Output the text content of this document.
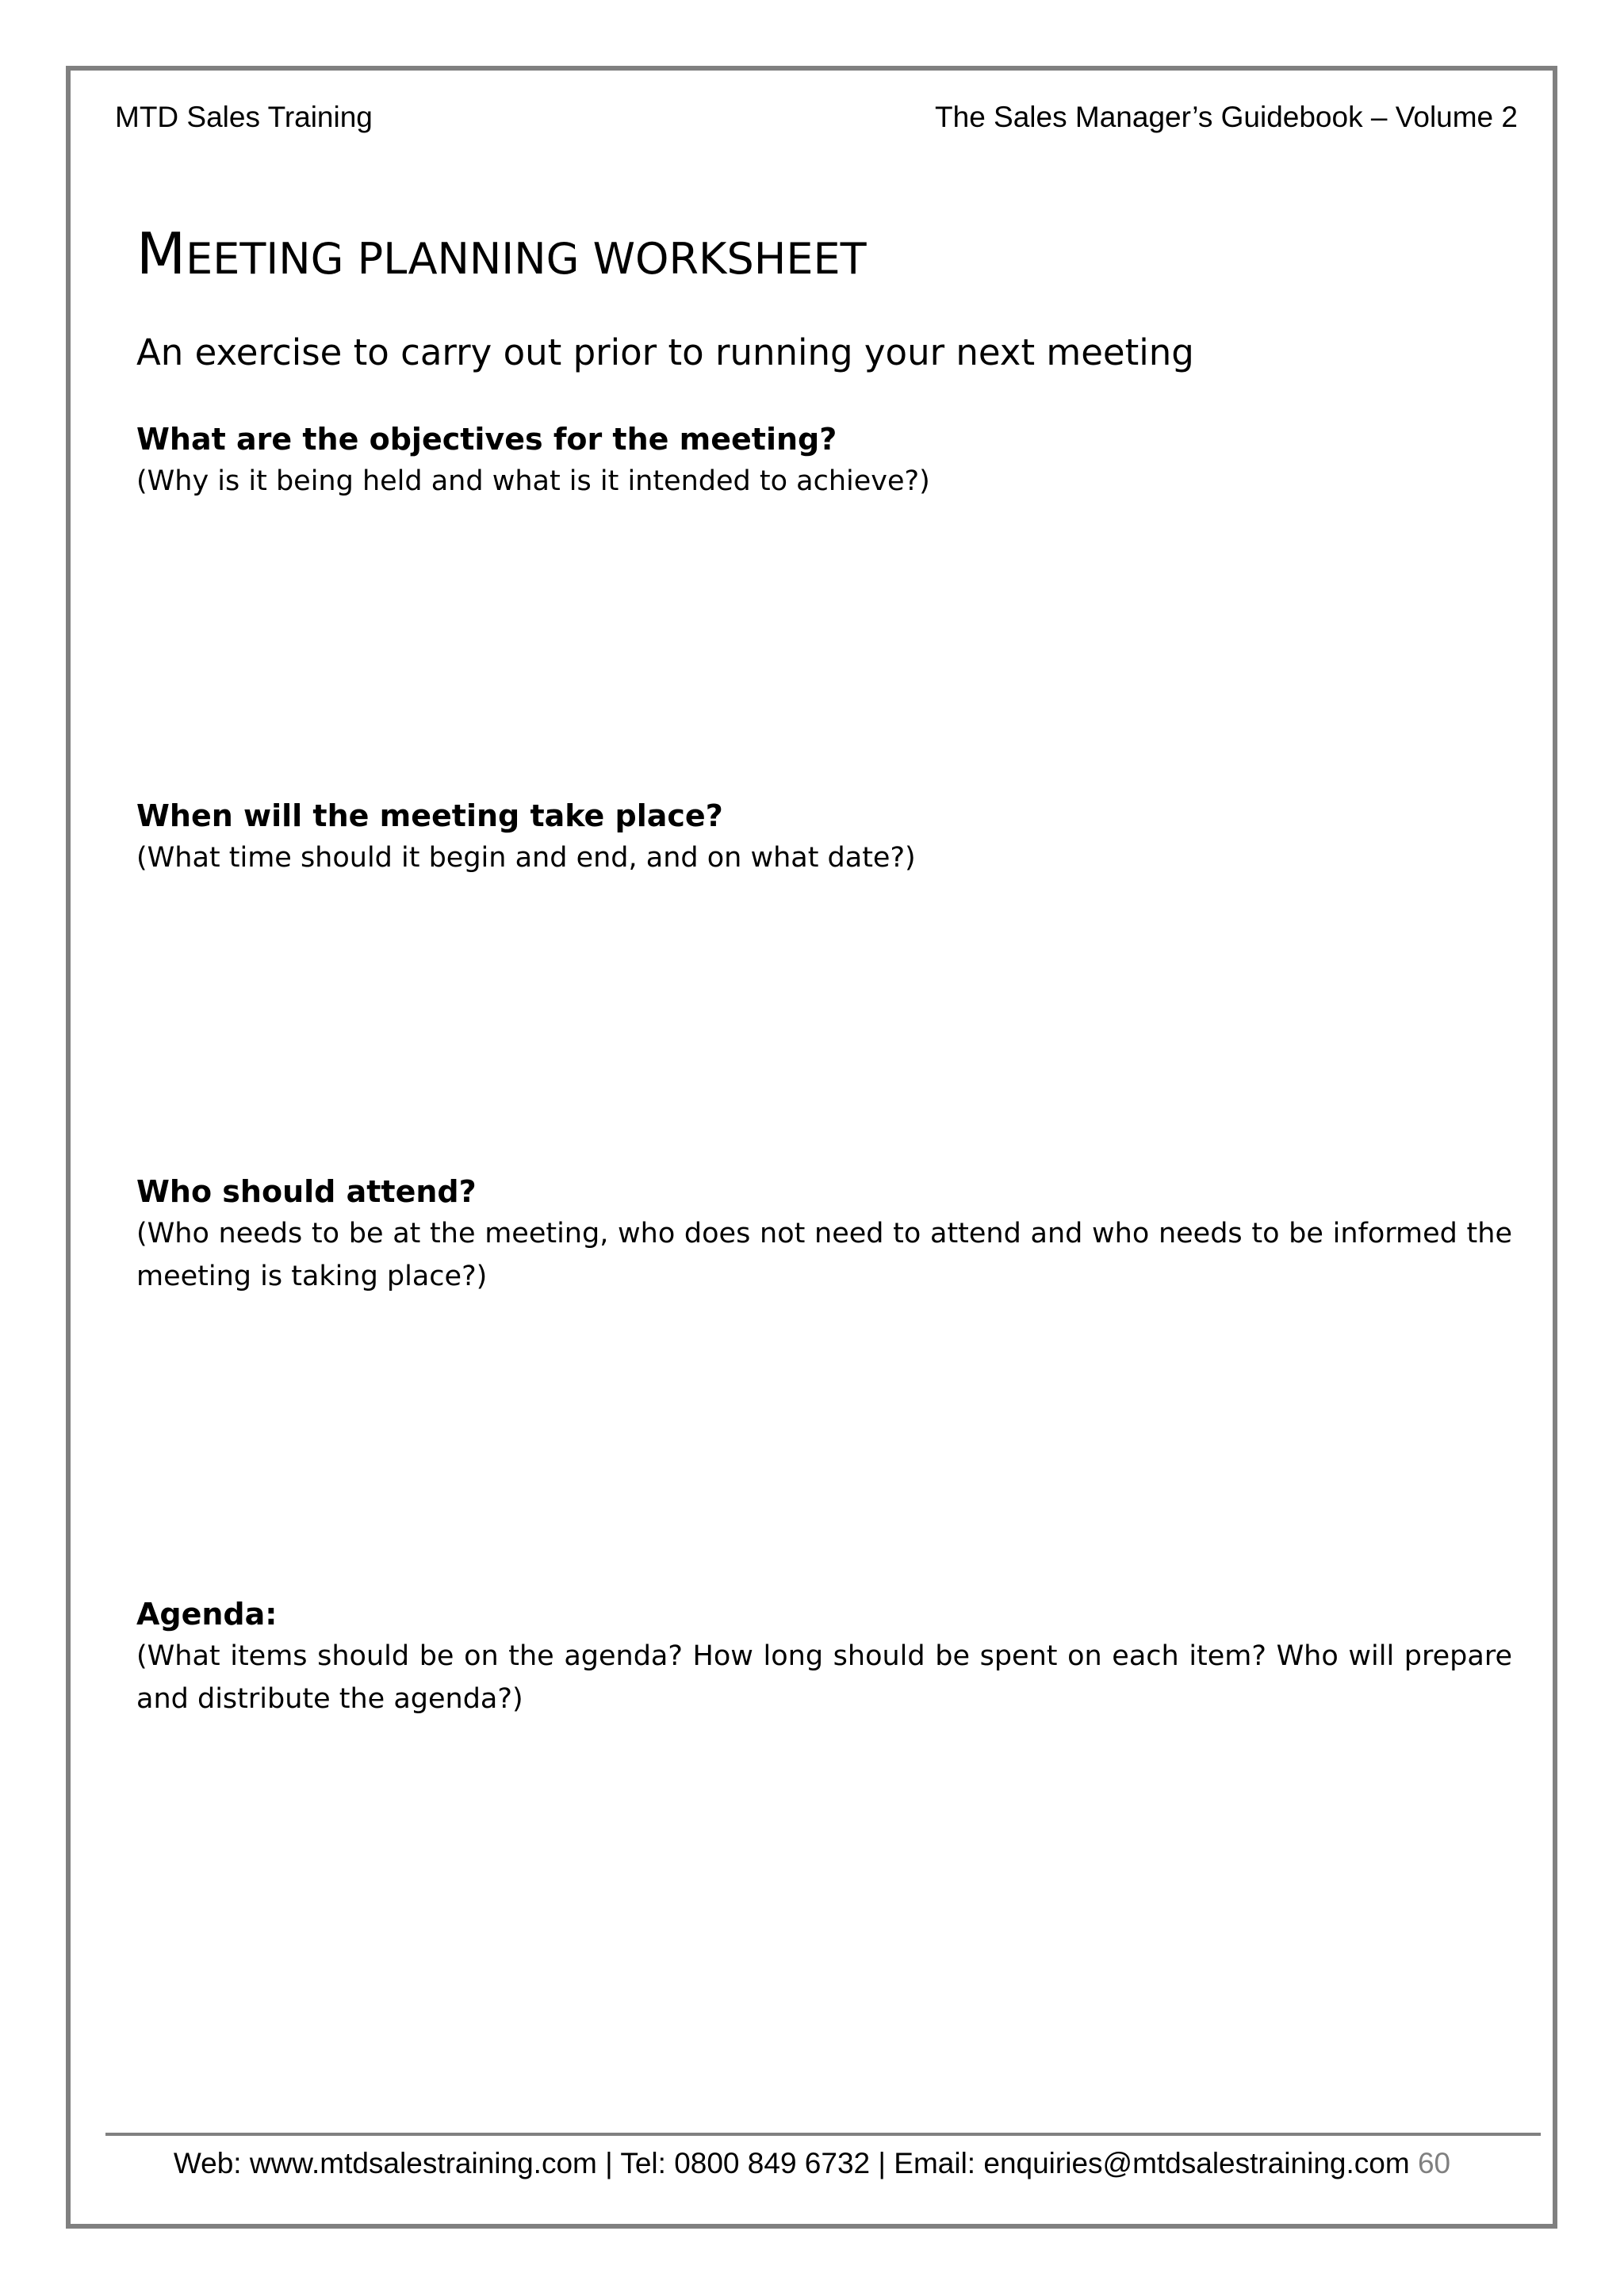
MTD Sales Training	The Sales Manager’s Guidebook – Volume 2
MEETING PLANNING WORKSHEET
An exercise to carry out prior to running your next meeting

What are the objectives for the meeting?

(Why is it being held and what is it intended to achieve?)

When will the meeting take place?

(What time should it begin and end, and on what date?)

Who should attend?

(Who needs to be at the meeting, who does not need to attend and who needs to be informed the meeting is taking place?)

Agenda:

(What items should be on the agenda? How long should be spent on each item? Who will prepare and distribute the agenda?)

Web: www.mtdsalestraining.com | Tel: 0800 849 6732 | Email: enquiries@mtdsalestraining.com 60
